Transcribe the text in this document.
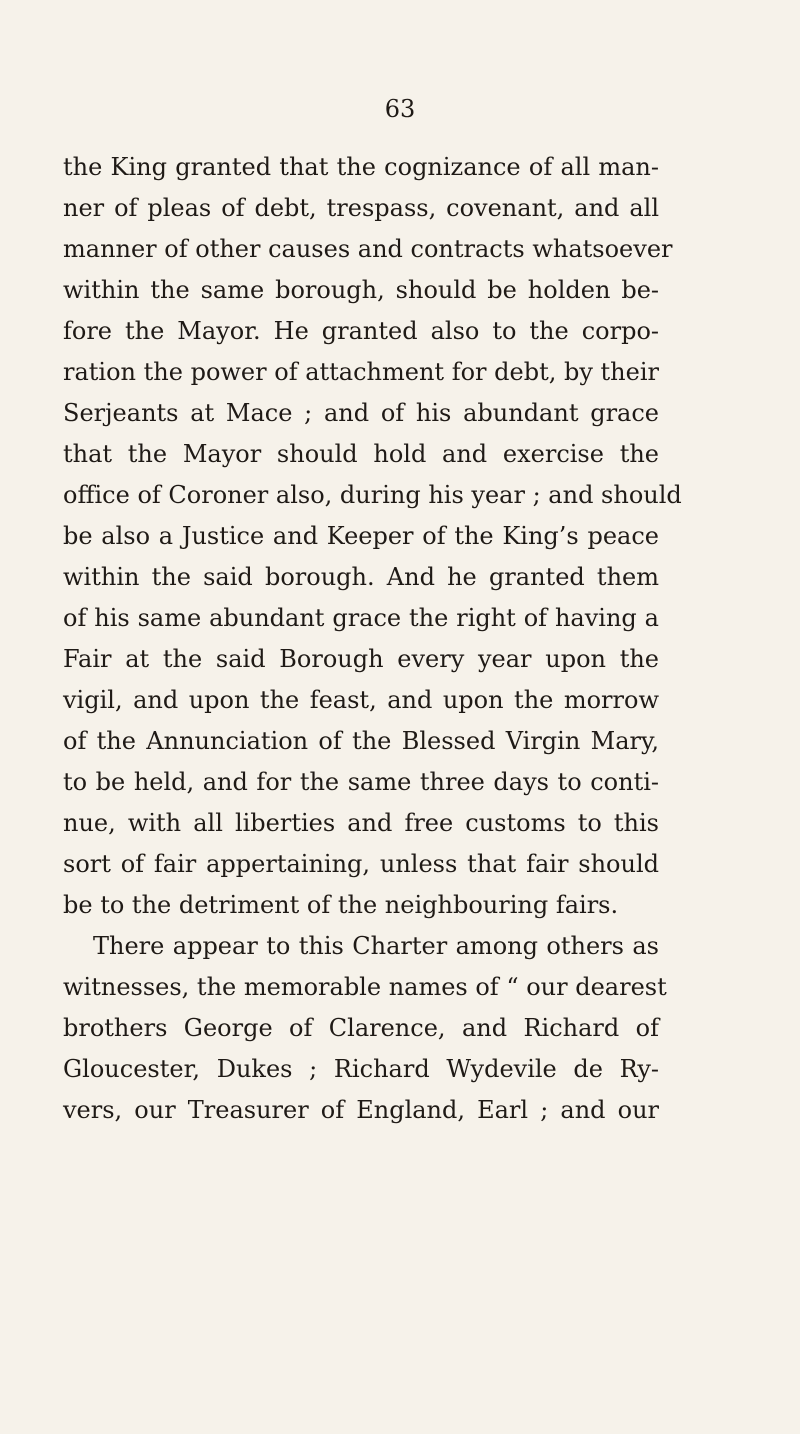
63
the King granted that the cognizance of all man-
ner of pleas of debt, trespass, covenant, and all
manner of other causes and contracts whatsoever
within the same borough, should be holden be-
fore the Mayor. He granted also to the corpo-
ration the power of attachment for debt, by their
Serjeants at Mace ; and of his abundant grace
that the Mayor should hold and exercise the
office of Coroner also, during his year ; and should
be also a Justice and Keeper of the King’s peace
within the said borough. And he granted them
of his same abundant grace the right of having a
Fair at the said Borough every year upon the
vigil, and upon the feast, and upon the morrow
of the Annunciation of the Blessed Virgin Mary,
to be held, and for the same three days to conti-
nue, with all liberties and free customs to this
sort of fair appertaining, unless that fair should
be to the detriment of the neighbouring fairs.
There appear to this Charter among others as
witnesses, the memorable names of “ our dearest
brothers George of Clarence, and Richard of
Gloucester, Dukes ; Richard Wydevile de Ry-
vers, our Treasurer of England, Earl ; and our
